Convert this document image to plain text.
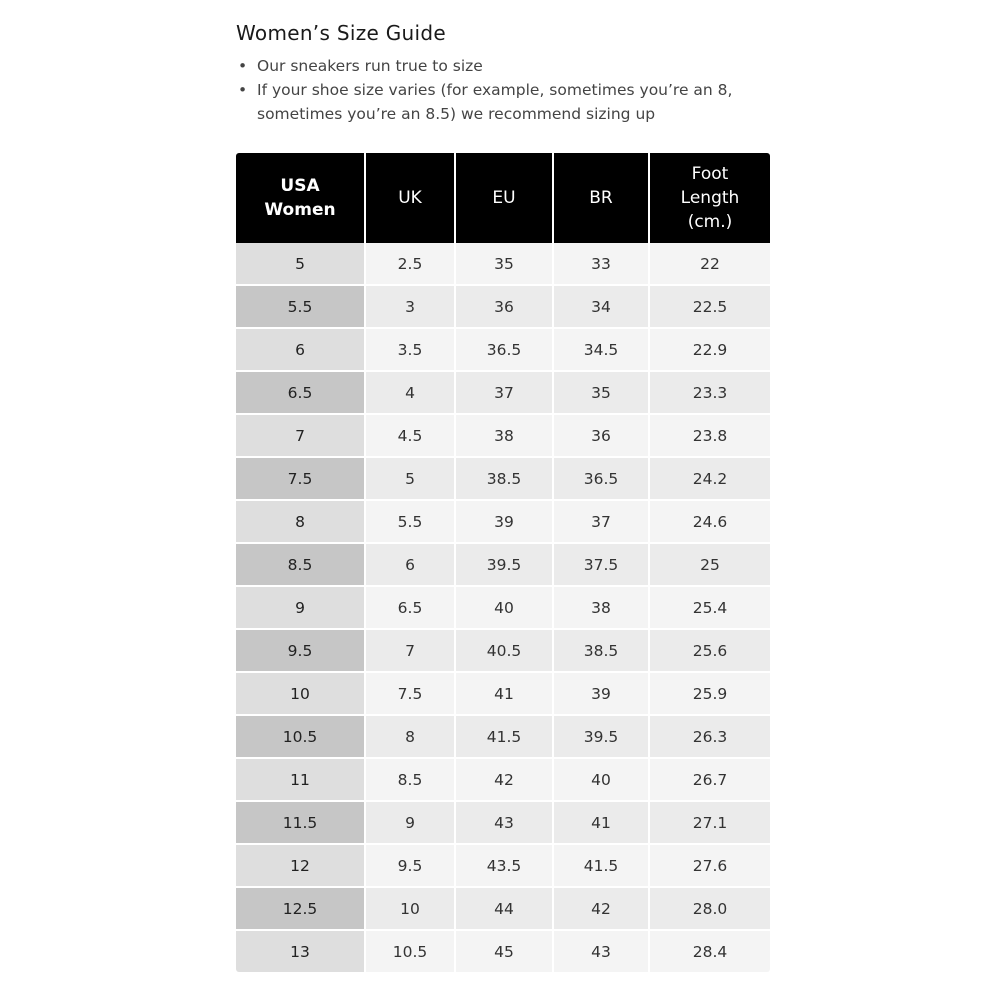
Women’s Size Guide
• Our sneakers run true to size
• If your shoe size varies (for example, sometimes you’re an 8, sometimes you’re an 8.5) we recommend sizing up
USA
Women	UK	EU	BR	Foot
Length
(cm.)

5	2.5	35	33	22
5.5	3	36	34	22.5
6	3.5	36.5	34.5	22.9
6.5	4	37	35	23.3
7	4.5	38	36	23.8
7.5	5	38.5	36.5	24.2
8	5.5	39	37	24.6
8.5	6	39.5	37.5	25
9	6.5	40	38	25.4
9.5	7	40.5	38.5	25.6
10	7.5	41	39	25.9
10.5	8	41.5	39.5	26.3
11	8.5	42	40	26.7
11.5	9	43	41	27.1
12	9.5	43.5	41.5	27.6
12.5	10	44	42	28.0
13	10.5	45	43	28.4
